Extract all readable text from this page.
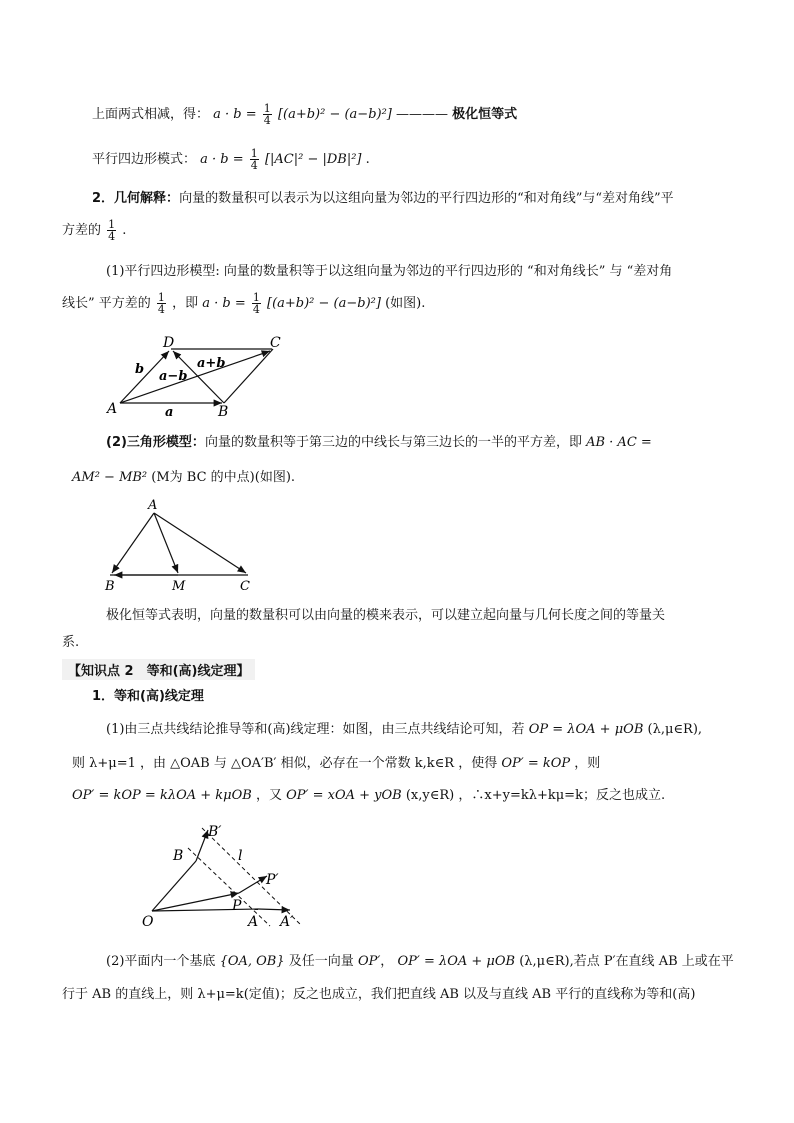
上面两式相减，得： $a \cdot b = \frac{1}{4} [(a+b)^2 - (a-b)^2]$ ———— 极化恒等式
平行四边形模式： $a \cdot b = \frac{1}{4} [|AC|^2 - |DB|^2]$ .
2．几何解释：向量的数量积可以表示为以这组向量为邻边的平行四边形的“和对角线”与“差对角线”平
方差的 $\frac{1}{4}$ .
(1)平行四边形模型: 向量的数量积等于以这组向量为邻边的平行四边形的 “和对角线长” 与 “差对角
线长” 平方差的 $\frac{1}{4}$ ，即 $a \cdot b = \frac{1}{4} [(a+b)^2 - (a-b)^2]$ (如图).
D	C
A	B
a+b
a−b
b
a
(2)三角形模型：向量的数量积等于第三边的中线长与第三边长的一半的平方差，即 AB · AC =
AM² − MB² (M为 BC 的中点)(如图).
A
B	M	C
极化恒等式表明，向量的数量积可以由向量的模来表示，可以建立起向量与几何长度之间的等量关
系.
【知识点 2　等和(高)线定理】
1．等和(高)线定理
(1)由三点共线结论推导等和(高)线定理：如图，由三点共线结论可知，若 OP = λOA + μOB (λ,μ∈R),
则 λ+μ=1 ，由 △OAB 与 △OA′B′ 相似，必存在一个常数 k,k∈R ，使得 OP′ = kOP ，则
OP′ = kOP = kλOA + kμOB ，又 OP′ = xOA + yOB (x,y∈R) ，∴x+y=kλ+kμ=k；反之也成立.
O
B
B′
l
P′
P
A A′
(2)平面内一个基底 {OA, OB} 及任一向量 OP′， OP′ = λOA + μOB (λ,μ∈R),若点 P′在直线 AB 上或在平
行于 AB 的直线上，则 λ+μ=k(定值)；反之也成立，我们把直线 AB 以及与直线 AB 平行的直线称为等和(高)
